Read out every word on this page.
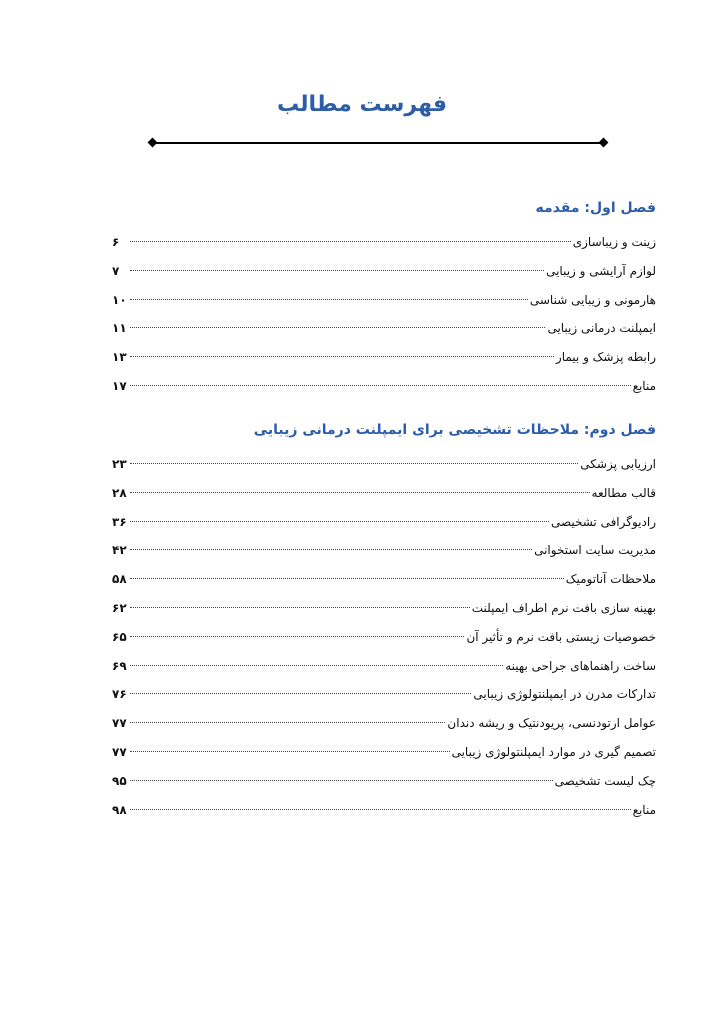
فهرست مطالب
فصل اول: مقدمه
زینت و زیباسازی
۶
لوازم آرایشی و زیبایی
۷
هارمونی و زیبایی شناسی
۱۰
ایمپلنت درمانی زیبایی
۱۱
رابطه پزشک و بیمار
۱۳
منابع
۱۷
فصل دوم: ملاحظات تشخیصی برای ایمپلنت درمانی زیبایی
ارزیابی پزشکی
۲۳
قالب مطالعه
۲۸
رادیوگرافی تشخیصی
۳۶
مدیریت سایت استخوانی
۴۲
ملاحظات آناتومیک
۵۸
بهینه سازی بافت نرم اطراف ایمپلنت
۶۲
خصوصیات زیستی بافت نرم و تأثیر آن
۶۵
ساخت راهنماهای جراحی بهینه
۶۹
تدارکات مدرن در ایمپلنتولوژی زیبایی
۷۶
عوامل ارتودنسی، پریودنتیک و ریشه دندان
۷۷
تصمیم گیری در موارد ایمپلنتولوژی زیبایی
۷۷
چک لیست تشخیصی
۹۵
منابع
۹۸
